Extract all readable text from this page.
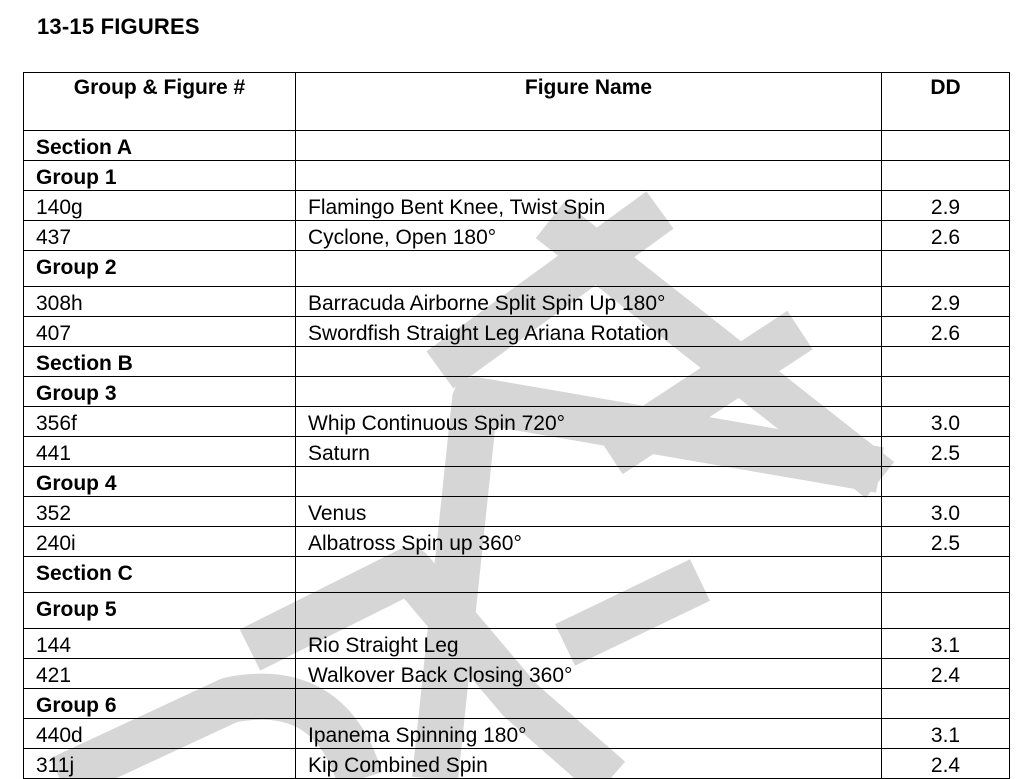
13-15 FIGURES
Group & Figure #	Figure Name	DD
Section A		
Group 1		
140g	Flamingo Bent Knee, Twist Spin	2.9
437	Cyclone, Open 180°	2.6
Group 2		
308h	Barracuda Airborne Split Spin Up 180°	2.9
407	Swordfish Straight Leg Ariana Rotation	2.6
Section B		
Group 3		
356f	Whip Continuous Spin 720°	3.0
441	Saturn	2.5
Group 4		
352	Venus	3.0
240i	Albatross Spin up 360°	2.5
Section C		
Group 5		
144	Rio Straight Leg	3.1
421	Walkover Back Closing 360°	2.4
Group 6		
440d	Ipanema Spinning 180°	3.1
311j	Kip Combined Spin	2.4
